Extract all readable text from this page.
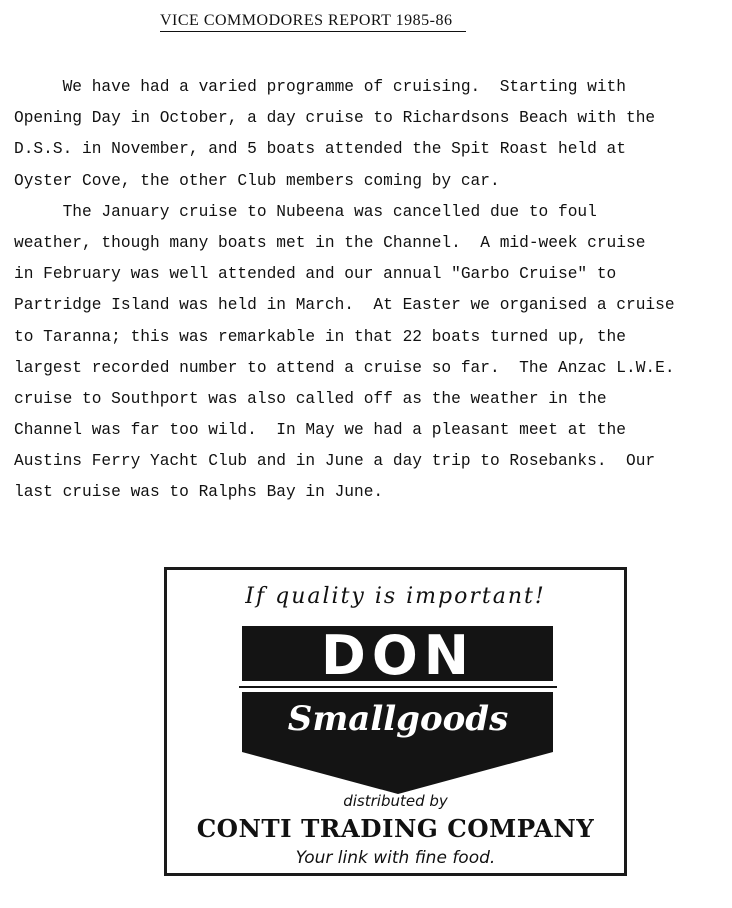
VICE COMMODORES REPORT 1985-86
We have had a varied programme of cruising.  Starting with
Opening Day in October, a day cruise to Richardsons Beach with the
D.S.S. in November, and 5 boats attended the Spit Roast held at
Oyster Cove, the other Club members coming by car.
The January cruise to Nubeena was cancelled due to foul
weather, though many boats met in the Channel.  A mid-week cruise
in February was well attended and our annual "Garbo Cruise" to
Partridge Island was held in March.  At Easter we organised a cruise
to Taranna; this was remarkable in that 22 boats turned up, the
largest recorded number to attend a cruise so far.  The Anzac L.W.E.
cruise to Southport was also called off as the weather in the
Channel was far too wild.  In May we had a pleasant meet at the
Austins Ferry Yacht Club and in June a day trip to Rosebanks.  Our
last cruise was to Ralphs Bay in June.
If quality is important!
DON
Smallgoods
distributed by
CONTI TRADING COMPANY
Your link with fine food.
